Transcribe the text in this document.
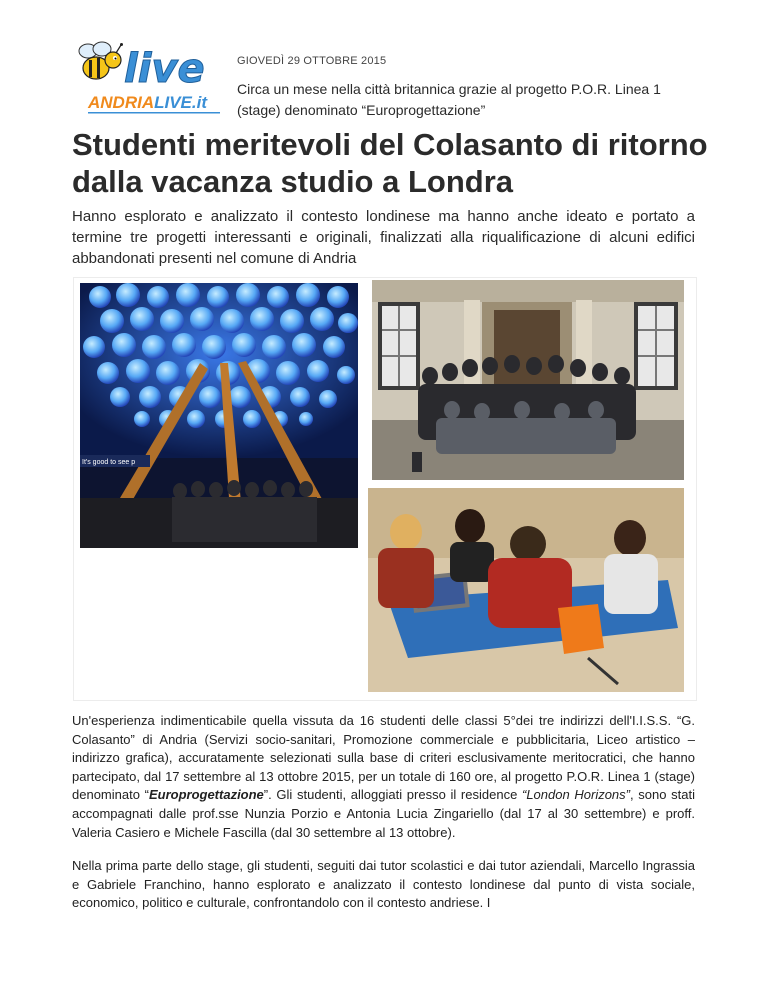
live
ANDRIALIVE.it
GIOVEDÌ 29 OTTOBRE 2015
Circa un mese nella città britannica grazie al progetto P.O.R. Linea 1 (stage) denominato “Europrogettazione”
Studenti meritevoli del Colasanto di ritorno dalla vacanza studio a Londra

Hanno esplorato e analizzato il contesto londinese ma hanno anche ideato e portato a termine tre progetti interessanti e originali, finalizzati alla riqualificazione di alcuni edifici abbandonati presenti nel comune di Andria

It's good to see p

Un'esperienza indimenticabile quella vissuta da 16 studenti delle classi 5°dei tre indirizzi dell'I.I.S.S. “G. Colasanto” di Andria (Servizi socio-sanitari, Promozione commerciale e pubblicitaria, Liceo artistico – indirizzo grafica), accuratamente selezionati sulla base di criteri esclusivamente meritocratici, che hanno partecipato, dal 17 settembre al 13 ottobre 2015, per un totale di 160 ore, al progetto P.O.R. Linea 1 (stage) denominato “Europrogettazione”. Gli studenti, alloggiati presso il residence “London Horizons”, sono stati accompagnati dalle prof.sse Nunzia Porzio e Antonia Lucia Zingariello (dal 17 al 30 settembre) e proff. Valeria Casiero e Michele Fascilla (dal 30 settembre al 13 ottobre).

Nella prima parte dello stage, gli studenti, seguiti dai tutor scolastici e dai tutor aziendali, Marcello Ingrassia e Gabriele Franchino, hanno esplorato e analizzato il contesto londinese dal punto di vista sociale, economico, politico e culturale, confrontandolo con il contesto andriese. I
